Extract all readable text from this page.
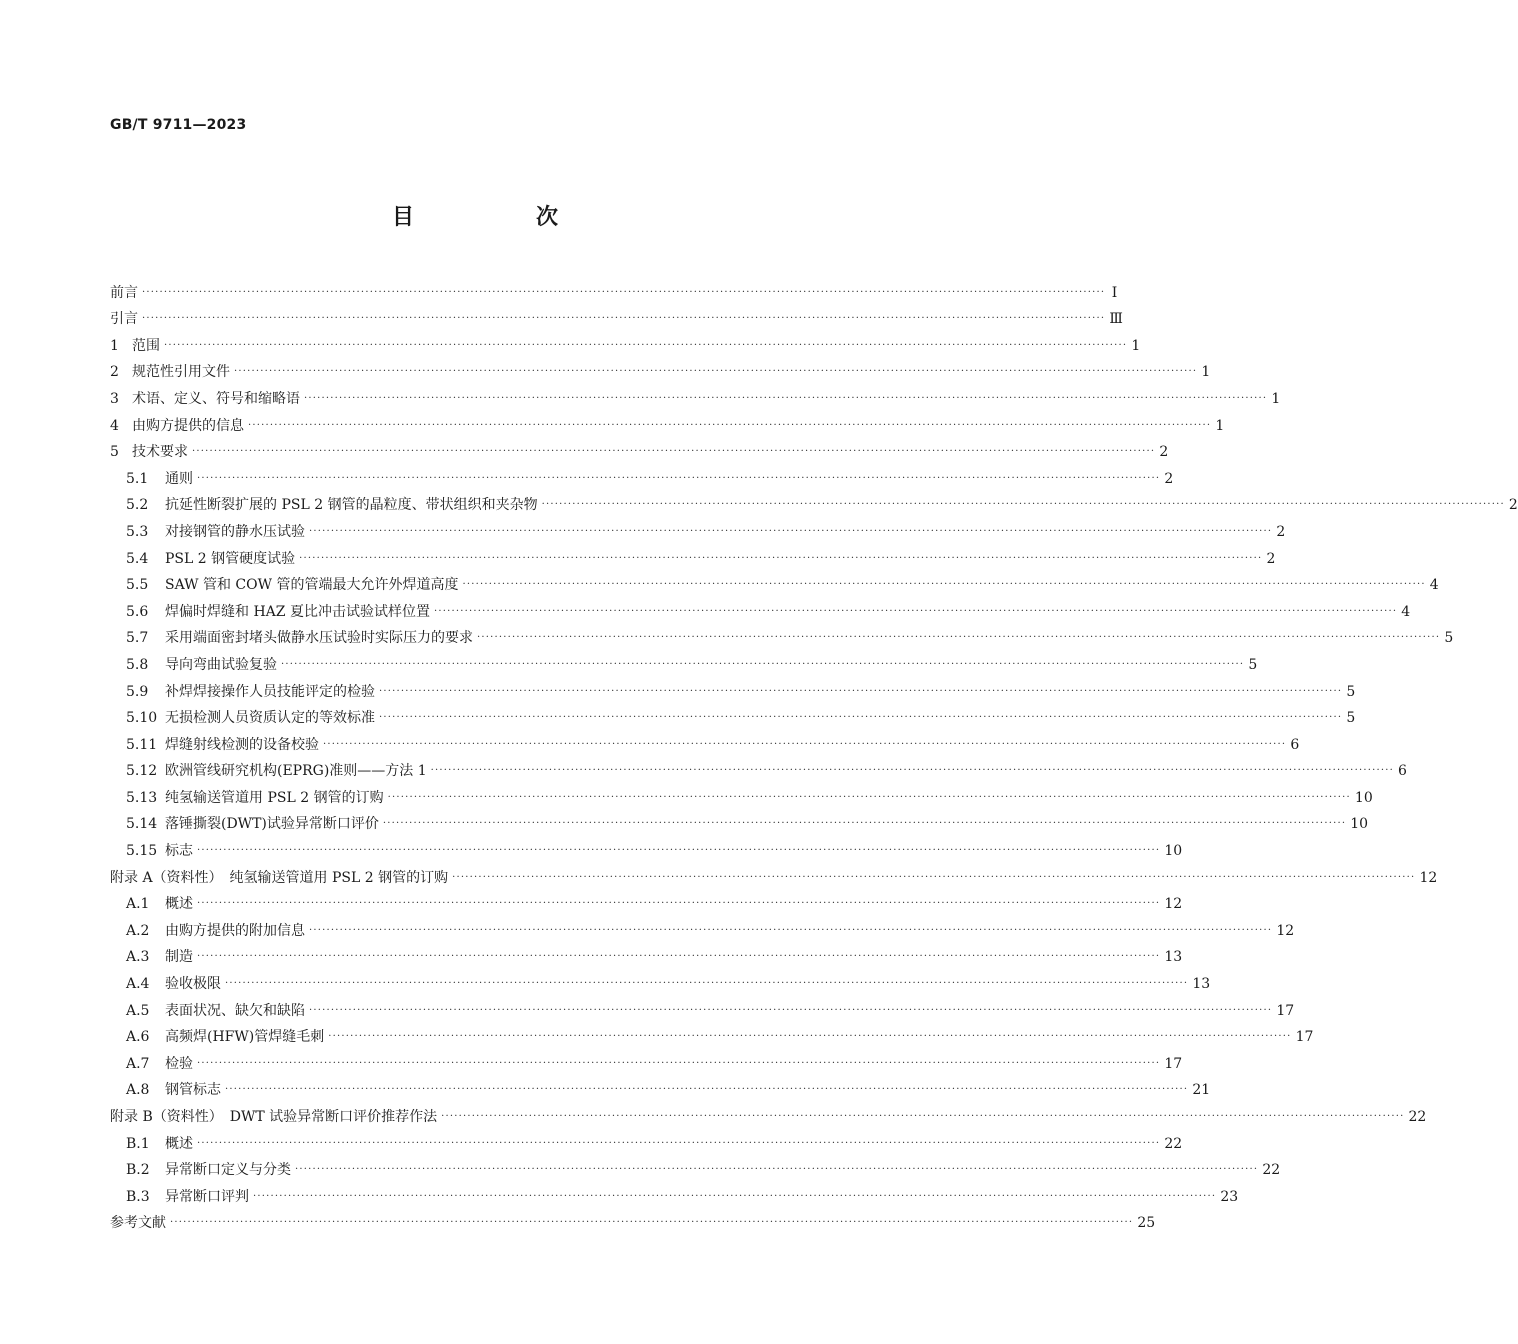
GB/T 9711—2023
目　次
前言 ·····	Ⅰ
引言 ·····	Ⅲ
1 范围 ·····	1
2 规范性引用文件 ·····	1
3 术语、定义、符号和缩略语 ·····	1
4 由购方提供的信息 ·····	1
5 技术要求 ·····	2
5.1	通则 ·····	2
5.2	抗延性断裂扩展的 PSL 2 钢管的晶粒度、带状组织和夹杂物 ·····	2
5.3	对接钢管的静水压试验 ·····	2
5.4	PSL 2 钢管硬度试验 ·····	2
5.5	SAW 管和 COW 管的管端最大允许外焊道高度 ·····	4
5.6	焊偏时焊缝和 HAZ 夏比冲击试验试样位置 ·····	4
5.7	采用端面密封堵头做静水压试验时实际压力的要求 ·····	5
5.8	导向弯曲试验复验 ·····	5
5.9	补焊焊接操作人员技能评定的检验 ·····	5
5.10 无损检测人员资质认定的等效标准 ·····	5
5.11 焊缝射线检测的设备校验 ·····	6
5.12 欧洲管线研究机构(EPRG)准则——方法 1 ·····	6
5.13 纯氢输送管道用 PSL 2 钢管的订购 ·····	10
5.14 落锤撕裂(DWT)试验异常断口评价 ·····	10
5.15 标志 ·····	10
附录 A（资料性）　纯氢输送管道用 PSL 2 钢管的订购 ·····	12
A.1	概述 ·····	12
A.2	由购方提供的附加信息 ·····	12
A.3	制造 ·····	13
A.4	验收极限 ·····	13
A.5	表面状况、缺欠和缺陷 ·····	17
A.6	高频焊(HFW)管焊缝毛刺 ·····	17
A.7	检验 ·····	17
A.8	钢管标志 ·····	21
附录 B（资料性）　DWT 试验异常断口评价推荐作法 ·····	22
B.1	概述 ·····	22
B.2	异常断口定义与分类 ·····	22
B.3	异常断口评判 ·····	23
参考文献 ·····	25
